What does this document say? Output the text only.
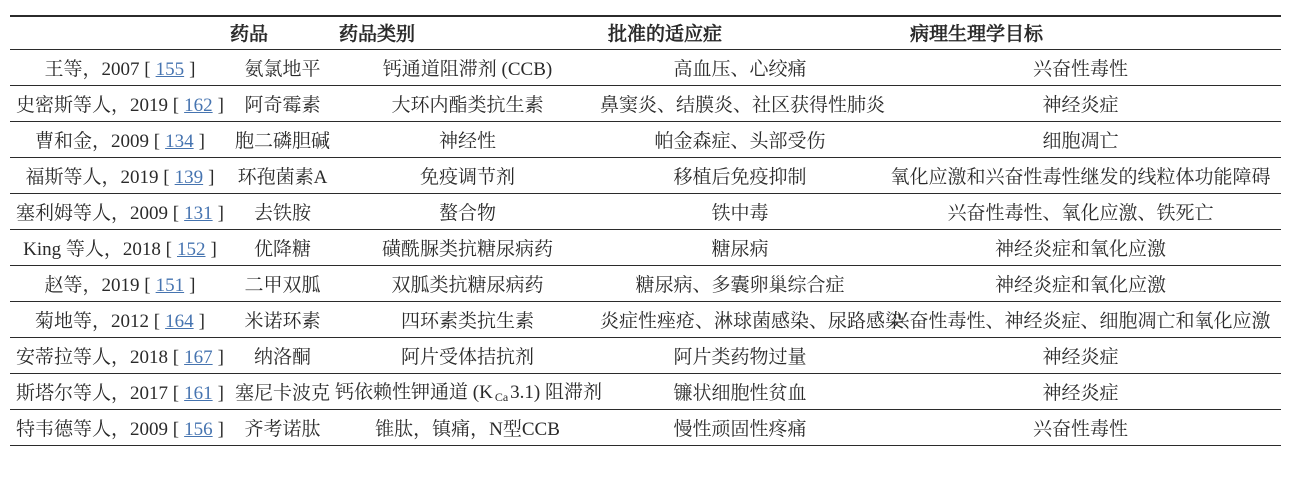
	药品	药品类别	批准的适应症	病理生理学目标
王等，2007 [ 155 ]	氨氯地平	钙通道阻滞剂 (CCB)	高血压、心绞痛	兴奋性毒性
史密斯等人，2019 [ 162 ]	阿奇霉素	大环内酯类抗生素	鼻窦炎、结膜炎、社区获得性肺炎	神经炎症
曹和金，2009 [ 134 ]	胞二磷胆碱	神经性	帕金森症、头部受伤	细胞凋亡
福斯等人，2019 [ 139 ]	环孢菌素A	免疫调节剂	移植后免疫抑制	氧化应激和兴奋性毒性继发的线粒体功能障碍
塞利姆等人，2009 [ 131 ]	去铁胺	螯合物	铁中毒	兴奋性毒性、氧化应激、铁死亡
King 等人，2018 [ 152 ]	优降糖	磺酰脲类抗糖尿病药	糖尿病	神经炎症和氧化应激
赵等，2019 [ 151 ]	二甲双胍	双胍类抗糖尿病药	糖尿病、多囊卵巢综合症	神经炎症和氧化应激
菊地等，2012 [ 164 ]	米诺环素	四环素类抗生素	炎症性痤疮、淋球菌感染、尿路感染	兴奋性毒性、神经炎症、细胞凋亡和氧化应激
安蒂拉等人，2018 [ 167 ]	纳洛酮	阿片受体拮抗剂	阿片类药物过量	神经炎症
斯塔尔等人，2017 [ 161 ]	塞尼卡波克	钙依赖性钾通道 (K $_{Ca}$ 3.1) 阻滞剂	镰状细胞性贫血	神经炎症
特韦德等人，2009 [ 156 ]	齐考诺肽	锥肽，镇痛，N型CCB	慢性顽固性疼痛	兴奋性毒性
